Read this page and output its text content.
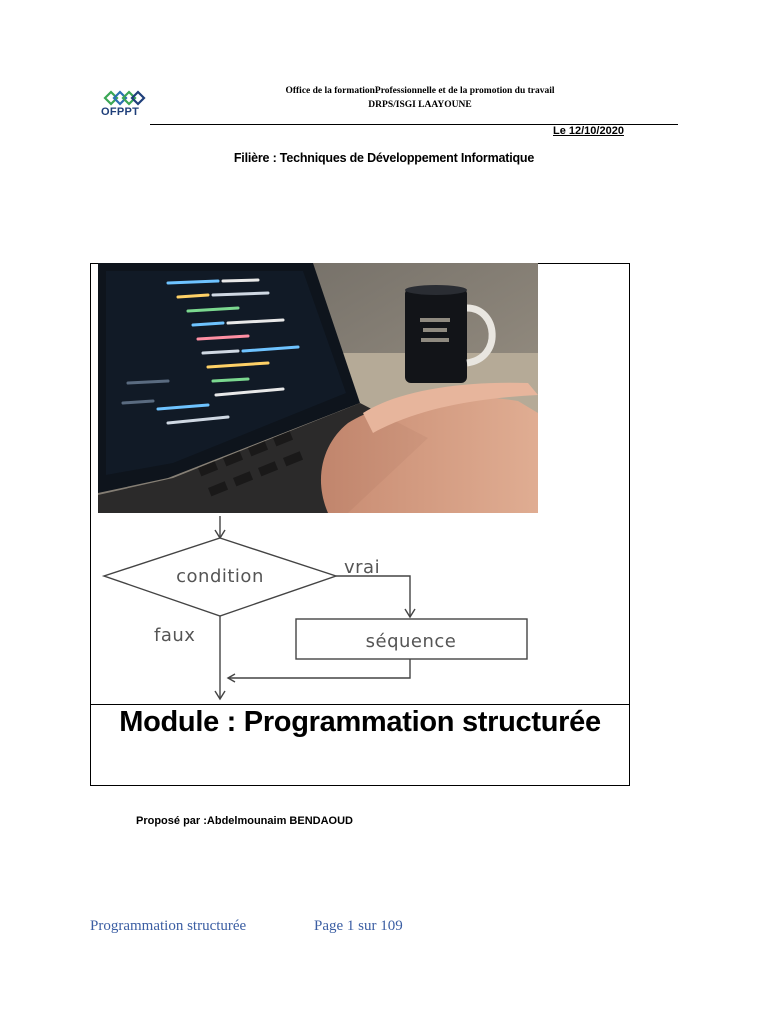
OFPPT
Office de la formationProfessionnelle et de la promotion du travail
DRPS/ISGI LAAYOUNE
Le 12/10/2020
Filière : Techniques de Développement Informatique
condition	vrai
faux	séquence
Module : Programmation structurée
Proposé par :Abdelmounaim BENDAOUD
Programmation structurée	Page 1 sur 109
